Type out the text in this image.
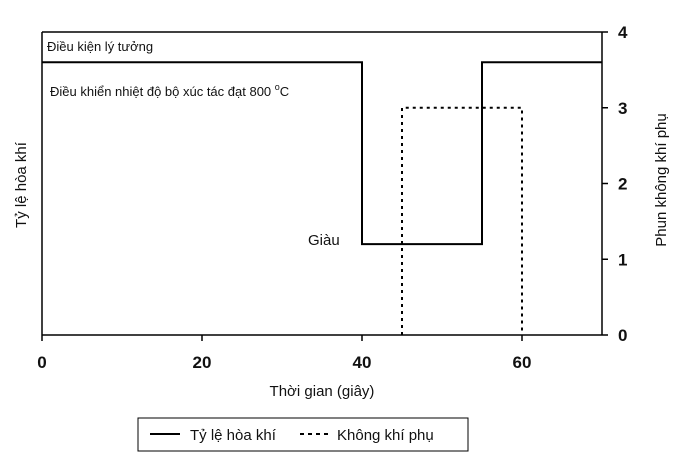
Điều kiện lý tưởng
Điều khiển nhiệt độ bộ xúc tác đạt 800 $^o$C
Giàu
Thời gian (giây)
Tỷ lệ hòa khí	Phun không khí phụ
Tỷ lệ hòa khí	Không khí phụ
0	20	40	60
0
1
2
3
4
